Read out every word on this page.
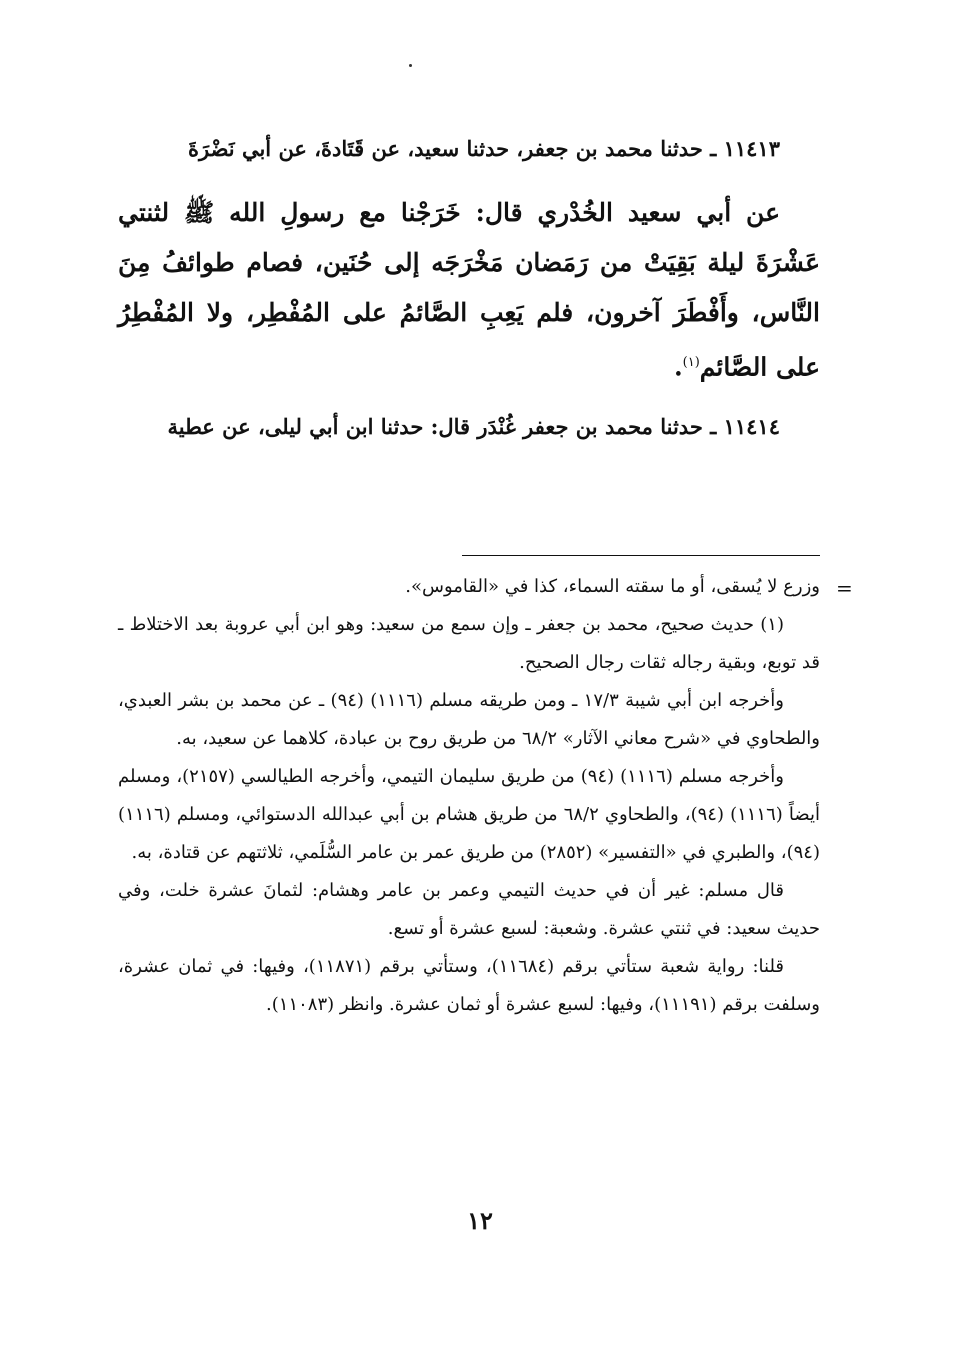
١١٤١٣ ـ حدثنا محمد بن جعفر، حدثنا سعيد، عن قَتَادةَ، عن أبي نَضْرَةَ

عن أبي سعيد الخُدْري قال: خَرَجْنا مع رسولِ الله ﷺ لثنتي عَشْرَةَ ليلة بَقِيَتْ من رَمَضان مَخْرَجَه إلى حُنَين، فصام طوائفُ مِنَ النَّاس، وأَفْطَرَ آخرون، فلم يَعِبِ الصَّائمُ على المُفْطِر، ولا المُفْطِرُ على الصَّائم$^{(١)}$.

١١٤١٤ ـ حدثنا محمد بن جعفر غُنْدَر قال: حدثنا ابن أبي ليلى، عن عطية

=

وزرع لا يُسقى، أو ما سقته السماء، كذا في «القاموس».

(١) حديث صحيح، محمد بن جعفر ـ وإن سمع من سعيد: وهو ابن أبي عروبة بعد الاختلاط ـ قد توبع، وبقية رجاله ثقات رجال الصحيح.

وأخرجه ابن أبي شيبة ١٧/٣ ـ ومن طريقه مسلم (١١١٦) (٩٤) ـ عن محمد بن بشر العبدي، والطحاوي في «شرح معاني الآثار» ٦٨/٢ من طريق روح بن عبادة، كلاهما عن سعيد، به.

وأخرجه مسلم (١١١٦) (٩٤) من طريق سليمان التيمي، وأخرجه الطيالسي (٢١٥٧)، ومسلم أيضاً (١١١٦) (٩٤)، والطحاوي ٦٨/٢ من طريق هشام بن أبي عبدالله الدستوائي، ومسلم (١١١٦) (٩٤)، والطبري في «التفسير» (٢٨٥٢) من طريق عمر بن عامر السُّلَمي، ثلاثتهم عن قتادة، به.

قال مسلم: غير أن في حديث التيمي وعمر بن عامر وهشام: لثمانَ عشرة خلت، وفي حديث سعيد: في ثنتي عشرة. وشعبة: لسبع عشرة أو تسع.

قلنا: رواية شعبة ستأتي برقم (١١٦٨٤)، وستأتي برقم (١١٨٧١)، وفيها: في ثمان عشرة، وسلفت برقم (١١١٩١)، وفيها: لسبع عشرة أو ثمان عشرة. وانظر (١١٠٨٣).

١٢
